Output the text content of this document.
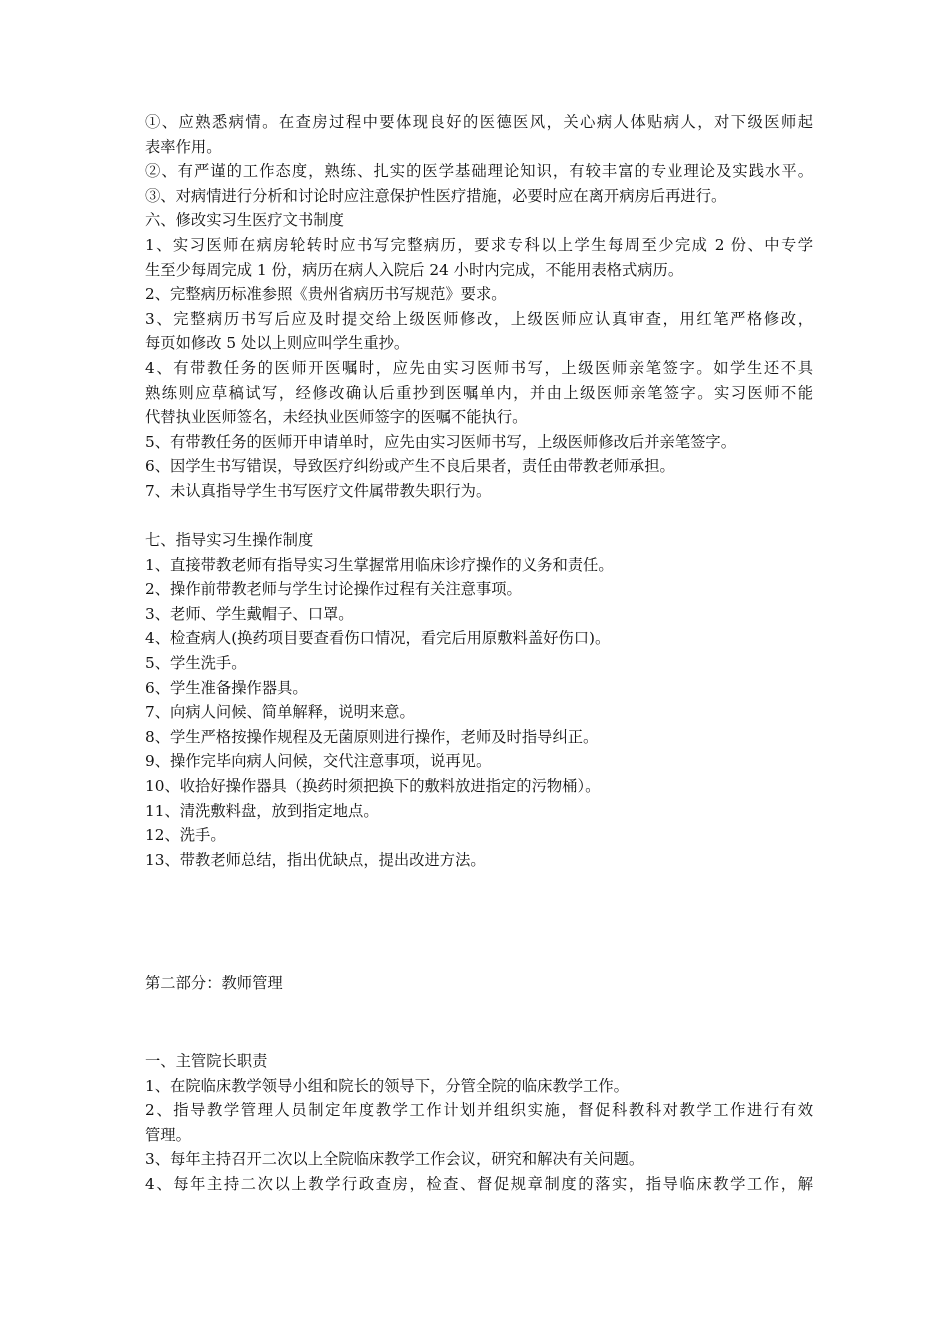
①、应熟悉病情。在查房过程中要体现良好的医德医风，关心病人体贴病人，对下级医师起
表率作用。
②、有严谨的工作态度，熟练、扎实的医学基础理论知识，有较丰富的专业理论及实践水平。
③、对病情进行分析和讨论时应注意保护性医疗措施，必要时应在离开病房后再进行。
六、修改实习生医疗文书制度
1、实习医师在病房轮转时应书写完整病历，要求专科以上学生每周至少完成 2 份、中专学
生至少每周完成 1 份，病历在病人入院后 24 小时内完成，不能用表格式病历。
2、完整病历标准参照《贵州省病历书写规范》要求。
3、完整病历书写后应及时提交给上级医师修改，上级医师应认真审查，用红笔严格修改，
每页如修改 5 处以上则应叫学生重抄。
4、有带教任务的医师开医嘱时，应先由实习医师书写，上级医师亲笔签字。如学生还不具
熟练则应草稿试写，经修改确认后重抄到医嘱单内，并由上级医师亲笔签字。实习医师不能
代替执业医师签名，未经执业医师签字的医嘱不能执行。
5、有带教任务的医师开申请单时，应先由实习医师书写，上级医师修改后并亲笔签字。
6、因学生书写错误，导致医疗纠纷或产生不良后果者，责任由带教老师承担。
7、未认真指导学生书写医疗文件属带教失职行为。
七、指导实习生操作制度
1、直接带教老师有指导实习生掌握常用临床诊疗操作的义务和责任。
2、操作前带教老师与学生讨论操作过程有关注意事项。
3、老师、学生戴帽子、口罩。
4、检查病人(换药项目要查看伤口情况，看完后用原敷料盖好伤口)。
5、学生洗手。
6、学生准备操作器具。
7、向病人问候、简单解释，说明来意。
8、学生严格按操作规程及无菌原则进行操作，老师及时指导纠正。
9、操作完毕向病人问候，交代注意事项，说再见。
10、收拾好操作器具（换药时须把换下的敷料放进指定的污物桶）。
11、清洗敷料盘，放到指定地点。
12、洗手。
13、带教老师总结，指出优缺点，提出改进方法。
第二部分：教师管理
一、主管院长职责
1、在院临床教学领导小组和院长的领导下，分管全院的临床教学工作。
2、指导教学管理人员制定年度教学工作计划并组织实施，督促科教科对教学工作进行有效
管理。
3、每年主持召开二次以上全院临床教学工作会议，研究和解决有关问题。
4、每年主持二次以上教学行政查房，检查、督促规章制度的落实，指导临床教学工作，解
